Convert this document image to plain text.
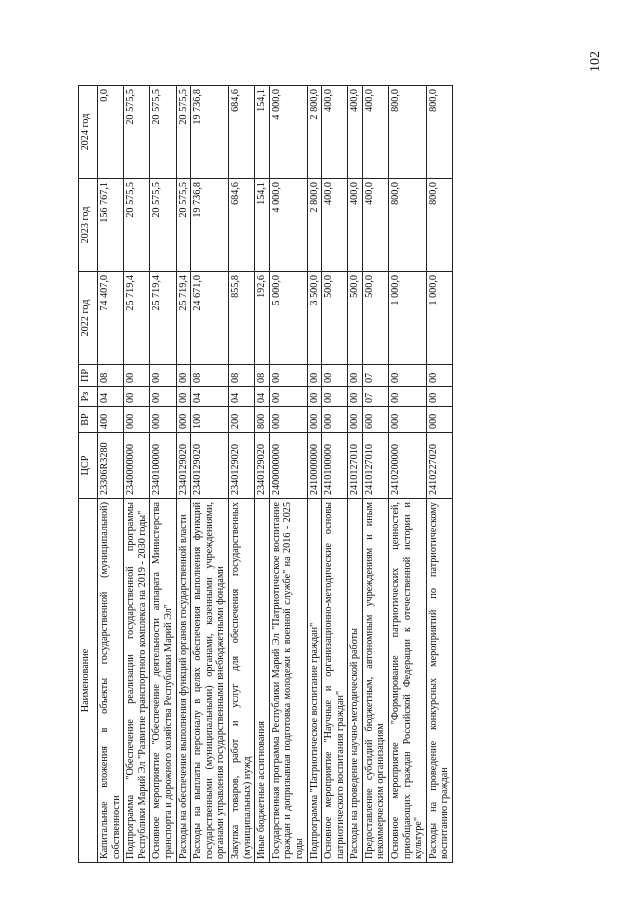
102
Наименование	ЦСР	ВР	Рз	ПР	2022 год	2023 год	2024 год
Капитальные вложения в объекты государственной (муниципальной) собственности	23306R3280	400	04	08	74 407,0	156 767,1	0,0
Подпрограмма "Обеспечение реализации государственной программы Республики Марий Эл "Развитие транспортного комплекса на 2019 - 2030 годы"	2340000000	000	00	00	25 719,4	20 575,5	20 575,5
Основное мероприятие "Обеспечение деятельности аппарата Министерства транспорта и дорожного хозяйства Республики Марий Эл"	2340100000	000	00	00	25 719,4	20 575,5	20 575,5
Расходы на обеспечение выполнения функций органов государственной власти	2340129020	000	00	00	25 719,4	20 575,5	20 575,5
Расходы на выплаты персоналу в целях обеспечения выполнения функций государственными (муниципальными) органами, казенными учреждениями, органами управления государственными внебюджетными фондами	2340129020	100	04	08	24 671,0	19 736,8	19 736,8
Закупка товаров, работ и услуг для обеспечения государственных (муниципальных) нужд	2340129020	200	04	08	855,8	684,6	684,6
Иные бюджетные ассигнования	2340129020	800	04	08	192,6	154,1	154,1
Государственная программа Республики Марий Эл "Патриотическое воспитание граждан и допризывная подготовка молодежи к военной службе" на 2016 - 2025 годы	2400000000	000	00	00	5 000,0	4 000,0	4 000,0
Подпрограмма "Патриотическое воспитание граждан"	2410000000	000	00	00	3 500,0	2 800,0	2 800,0
Основное мероприятие "Научные и организационно-методические основы патриотического воспитания граждан"	2410100000	000	00	00	500,0	400,0	400,0
Расходы на проведение научно-методической работы	2410127010	000	00	00	500,0	400,0	400,0
Предоставление субсидий бюджетным, автономным учреждениям и иным некоммерческим организациям	2410127010	600	07	07	500,0	400,0	400,0
Основное мероприятие "Формирование патриотических ценностей, приобщающих граждан Российской Федерации к отечественной истории и культуре"	2410200000	000	00	00	1 000,0	800,0	800,0
Расходы на проведение конкурсных мероприятий по патриотическому воспитанию граждан	2410227020	000	00	00	1 000,0	800,0	800,0
